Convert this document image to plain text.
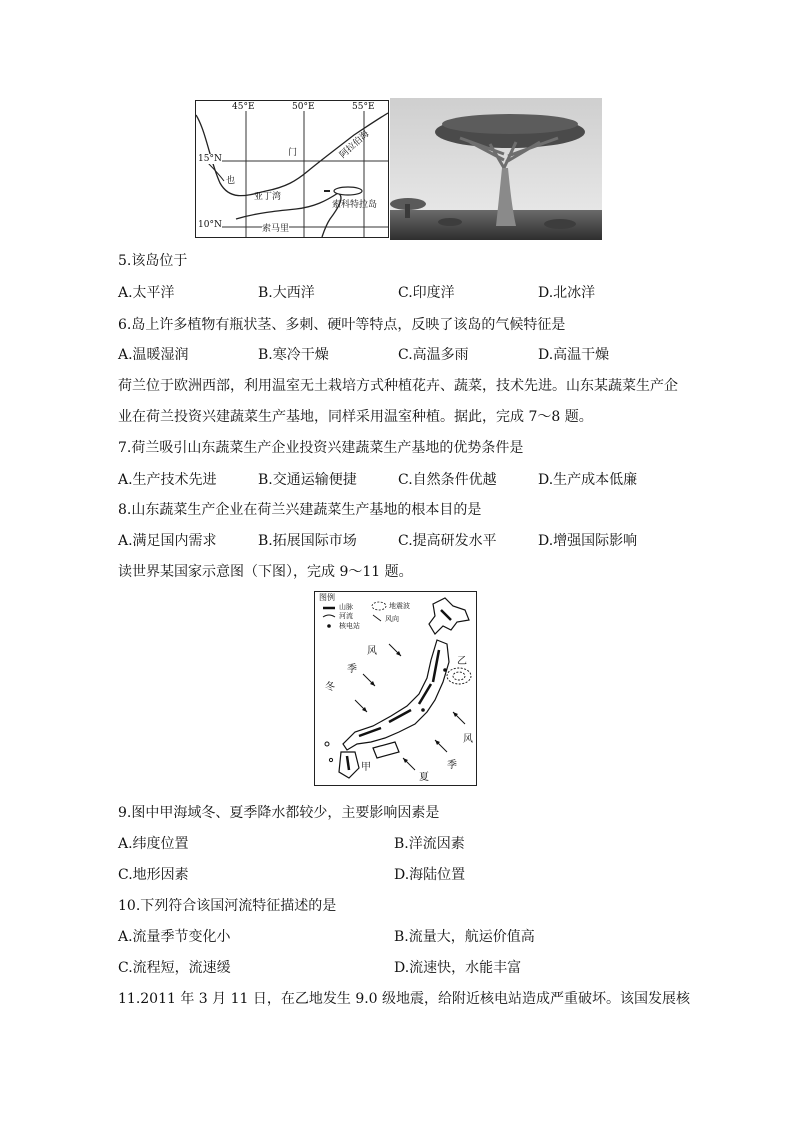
45°E	50°E	55°E
15°N
10°N
门
也
亚丁湾
阿拉伯海
索科特拉岛
索马里
5.该岛位于
A.太平洋	B.大西洋	C.印度洋	D.北冰洋
6.岛上许多植物有瓶状茎、多刺、硬叶等特点，反映了该岛的气候特征是
A.温暖湿润	B.寒冷干燥	C.高温多雨	D.高温干燥
荷兰位于欧洲西部，利用温室无土栽培方式种植花卉、蔬菜，技术先进。山东某蔬菜生产企
业在荷兰投资兴建蔬菜生产基地，同样采用温室种植。据此，完成 7～8 题。
7.荷兰吸引山东蔬菜生产企业投资兴建蔬菜生产基地的优势条件是
A.生产技术先进	B.交通运输便捷	C.自然条件优越	D.生产成本低廉
8.山东蔬菜生产企业在荷兰兴建蔬菜生产基地的根本目的是
A.满足国内需求	B.拓展国际市场	C.提高研发水平	D.增强国际影响
读世界某国家示意图（下图），完成 9～11 题。
图例
山脉
河流
核电站
地震波
风向
风
季
冬
乙
风
季
甲
夏
9.图中甲海域冬、夏季降水都较少，主要影响因素是
A.纬度位置	B.洋流因素
C.地形因素	D.海陆位置
10.下列符合该国河流特征描述的是
A.流量季节变化小	B.流量大，航运价值高
C.流程短，流速缓	D.流速快，水能丰富
11.2011 年 3 月 11 日，在乙地发生 9.0 级地震，给附近核电站造成严重破坏。该国发展核
